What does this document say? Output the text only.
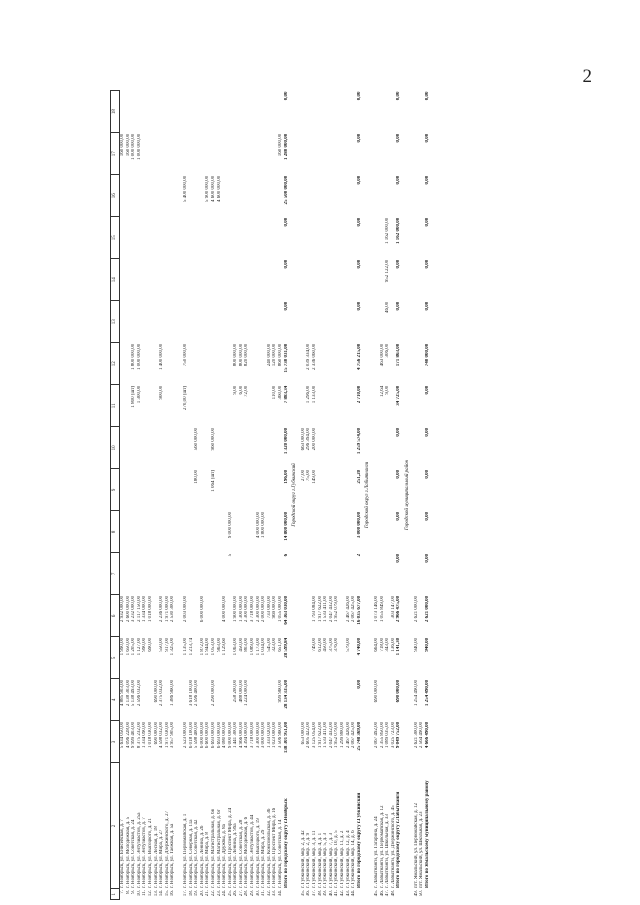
2
1	2	3	4	5	6	7	8	9	10	11	12	13	14	15	16	17	18
7.	г. Ноябрьск, ул. Енисейская, д. 7	5 634 050,00	4 885 903,00	1 990,00	2 932 000,00											160 000,00	
8.	г. Ноябрьск, ул. Молодёжная, д. 5	4 096 228,00	2 138 303,00	1 650,00	2 600 000,00											160 000,00	
9.	г. Ноябрьск, ул. Советская, д. 24	9 999 403,00	5 138 493,00	1 205,00	3 232 000,00					1 800 (шт)	1 800 000,00					1 000 000,00	
10.	г. Ноябрьск, ул. Энтузиастов, д. 25а	8 375 232,00	2 596 032,00	1 127,00	2 117 150,00					1 300,00	1 000 000,00					1 000 000,00	
11.	г. Ноябрьск, ул. Энтузиастов, д. 7	1 334 090,00		990,00	1 334 000,00												
12.	г. Ноябрьск, ул. Высоцкого, д. 21	1 018 030,00		690,00	1 018 000,00												
13.	г. Ноябрьск, ул. Лесная, д. 18	690 000,00	690 000,00														
14.	г. Ноябрьск, ул. Мира, д. 27	4 598 032,00	2 375 032,00	550,00	2 236 000,00					900,00	1 400 000,00						
15.	г. Ноябрьск, ул. Дзержинского, д. 27	1 971 030,00		917,00	1 971 000,00												
16.	г. Ноябрьск, ул. Таёжная, д. 5а	3 957 905,00	1 386 960,00	1 325,00	2 530 300,00												

17.	г. Ноябрьск, ул. Первомайская, д. 1	2 523 000,00		1 135,00	2 003 000,00					270,00 (шт)	750 000,00				5 400 000,00		
18.	г. Ноябрьск, ул. Северная, д. 11а	6 018 100,00	3 618 100,00	1 213,74													
19.	г. Ноябрьск, ул. Советская, д. 42	5 598 400,00	2 596 400,00					180,00	560 000,00								
20.	г. Ноябрьск, ул. Ленина, д. 26	6 000 000,00		1 872,00	6 000 000,00												
21.	г. Ноябрьск, ул. Мира, д. 8	6 600 000,00		1 944,00											5 900 000,00		
22.	г. Ноябрьск, ул. Магистральная, д. 6в	6 693 000,00	2 290 000,00	1 053,00				1 064 (шт)	960 000,00						4 600 000,00		
23.	г. Ноябрьск, ул. Магистральная, д. 6г	6 693 000,00		963,00											4 600 000,00		
24.	г. Ноябрьск, ул. Дружбы, д. 8а	4 080 000,00		1 129,60	4 000 000,00												
25.	г. Ноябрьск, ул. Проспект Мира, д. 24	9 000 000,00				5	9 000 000,00										
26.	г. Ноябрьск, ул. Ленина, д. 99а	1 441 300,00	258 200,00	1 063,00	1 900 000,00					9,00	800 000,00						
27.	г. Ноябрьск, ул. Советская, д. 28	4 966 000,00	488 000,00	450,00	1 300 000,00					6,00	800 000,00						
28.	г. Ноябрьск, ул. Молодёжная, д. 6	4 394 000,00	1 224 000,00	803,00	2 300 000,00					72,00	820 000,00						
29.	г. Ноябрьск, ул. Энтузиастов, д. 44	3 718 000,00		1 089,00	3 718 000,00												
30.	г. Ноябрьск, ул. Высоцкого, д. 19	3 300 000,00		1 173,00	2 300 000,00		4 000 000,00										
31.	г. Ноябрьск, ул. Мира, д. 29	3 000 000,00		1 034,00	2 000 000,00		1 800 000,00										
32.	г. Ноябрьск, ул. Комсомольская, д. 36	1 333 020,00		545,00	733 000,00						240 000,00						
33.	г. Ноябрьск, ул. Проспект Мира, д. 16	1 023 000,00		323,00	969 000,00					110,00	120 000,00						
34.	г. Ноябрьск, ул. Советская, д. 14	3 506 960,00	999 960,00	651,00	1 055 000,00					360,00	860 000,00					160 000,00	
	Итого по городскому округу г.Ноябрьск	138 301 951,00	28 134 335,00	28 599,84	64 363 030,00	6	14 800 000,00	196,00	1 320 000,00	7 883,34	15 730 031,00	0,00	0,00	0,00	25 500 000,00	1 280 000,00	0,00
Городской округ г.Губкинский																	
35.	г. Губкинский, мкр. 2, д. 42	653 000,00						27,00	663 000,00								
36.	г. Губкинский, мкр. 2, д. 9	2 605 422,00						75,00	296 394,00	1 296,00	2 039 334,00						
37.	г. Губкинский, мкр. 3, д. 11	3 125 054,00		749,00	1 793 084,00			149,00	200 000,00	1 133,00	2 336 060,00						
38.	г. Губкинский, мкр. 4, д. 1	1 917 622,00		612,00	1 917 622,00												
39.	г. Губкинский, мкр. 5, д. 3	1 533 411,00		450,00	1 533 411,00												
40.	г. Губкинский, мкр. 7, д. 3	2 047 432,00		375,00	2 047 432,00												
41.	г. Губкинский, мкр. 10, д. 5	1 952 079,00		376,00	1 952 079,00												
42.	г. Губкинский, мкр. 11, д. 2	1 299 800,00															
43.	г. Губкинский, мкр. 12, д. 4	2 467 426,00		579,00	2 467 426,00												
44.	г. Губкинский, мкр. 14, д. 6	2 067 425,00			2 067 425,00												
	Итого по городскому округу г.Губкинский	25 748 369,00	0,00	4 740,00	16 035 677,00	2	3 000 000,00	251,20	1 259 574,00	2 710,00	4 756 215,00	0,00	0,00	0,00	0,00	0,00	0,00
Городской округ г.Лабытнанги																	
45.	г. Лабытнанги, ул. Гагарина, д. 24	2 067 492,00	690 000,00	664,00	1 073 146,00												
46.	г. Лабытнанги, ул. Первомайская, д. 12	2 355 850,00		718,00	1 055 849,00					12,64	463 000,00						
47.	г. Лабытнанги, ул. Школьная, д. 33	1 089 035,00		343,00						9,00	306,00	46,00	952 122,00	1 162 000,00			
48.	г. Лабытнанги, ул. Дзержинского, д. 45	3 025 723,00		136,00	303 147,00												
	Итого по городскому округу г.Лабытнанги	9 049 752,00	690 000,00	1 141,30	2 966 475,00	0,00	0,00	0,00	0,00	34 725,00	171 863,00	0,00	0,00	1 162 000,00	0,00	0,00	0,00
Городской муниципальный район																	
49.	пгт. Ямальский, ул. Первомайская, д. 12	2 621 300,00	1 254 490,00	940,00	2 621 000,00												
50.	пгт. Ямальский, ул. Школьная, д. 23	2 564 490,00															
	Итого по Ямальскому муниципальному району	4 666 490,00	1 254 490,00	940,00	2 621 000,00	0,00	0,00	0,00	0,00	0,00	740 000,00	0,00	0,00	0,00	0,00	0,00	0,00
